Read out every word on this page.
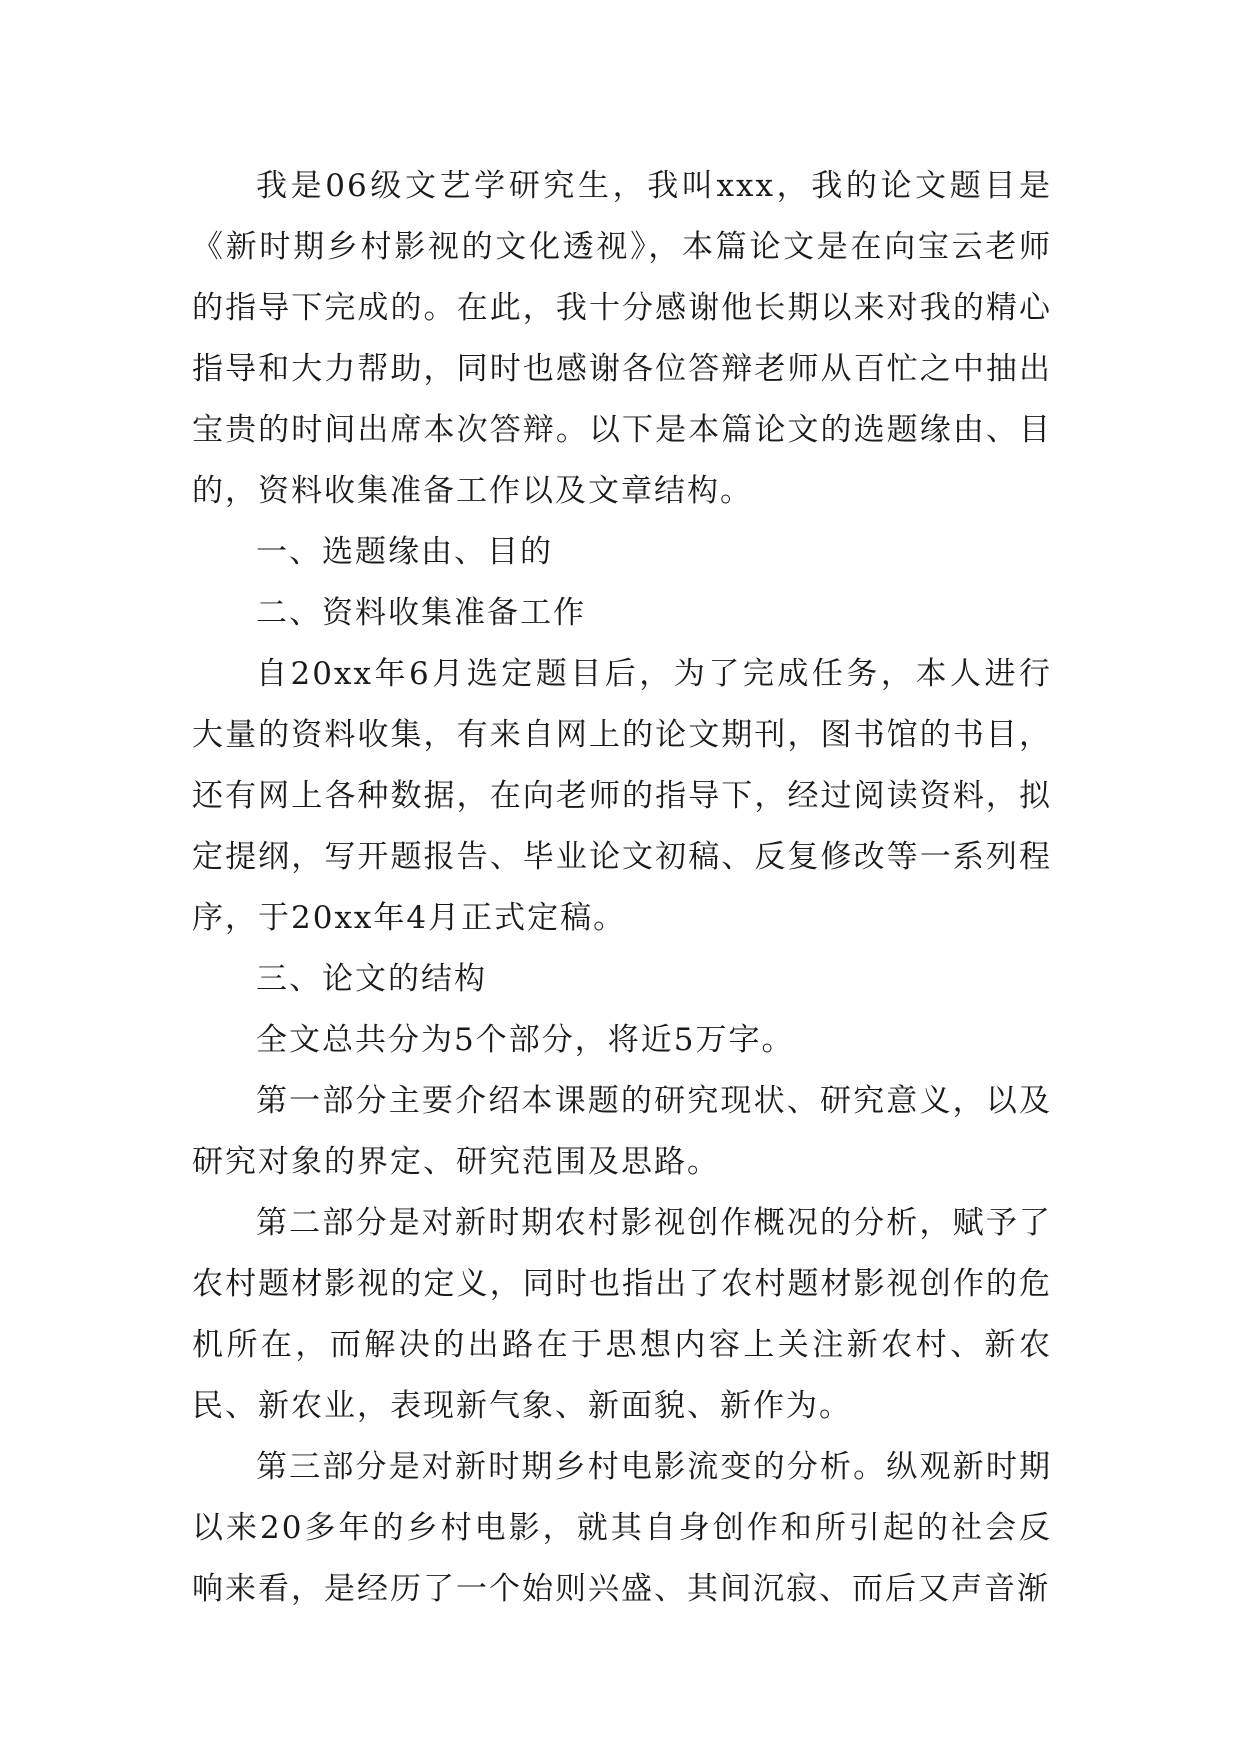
我是06级文艺学研究生，我叫xxx，我的论文题目是《新时期乡村影视的文化透视》，本篇论文是在向宝云老师的指导下完成的。在此，我十分感谢他长期以来对我的精心指导和大力帮助，同时也感谢各位答辩老师从百忙之中抽出宝贵的时间出席本次答辩。以下是本篇论文的选题缘由、目的，资料收集准备工作以及文章结构。

一、选题缘由、目的

二、资料收集准备工作

自20xx年6月选定题目后，为了完成任务，本人进行大量的资料收集，有来自网上的论文期刊，图书馆的书目，还有网上各种数据，在向老师的指导下，经过阅读资料，拟定提纲，写开题报告、毕业论文初稿、反复修改等一系列程序，于20xx年4月正式定稿。

三、论文的结构

全文总共分为5个部分，将近5万字。

第一部分主要介绍本课题的研究现状、研究意义，以及研究对象的界定、研究范围及思路。

第二部分是对新时期农村影视创作概况的分析，赋予了农村题材影视的定义，同时也指出了农村题材影视创作的危机所在，而解决的出路在于思想内容上关注新农村、新农民、新农业，表现新气象、新面貌、新作为。

第三部分是对新时期乡村电影流变的分析。纵观新时期以来20多年的乡村电影，就其自身创作和所引起的社会反响来看，是经历了一个始则兴盛、其间沉寂、而后又声音渐
